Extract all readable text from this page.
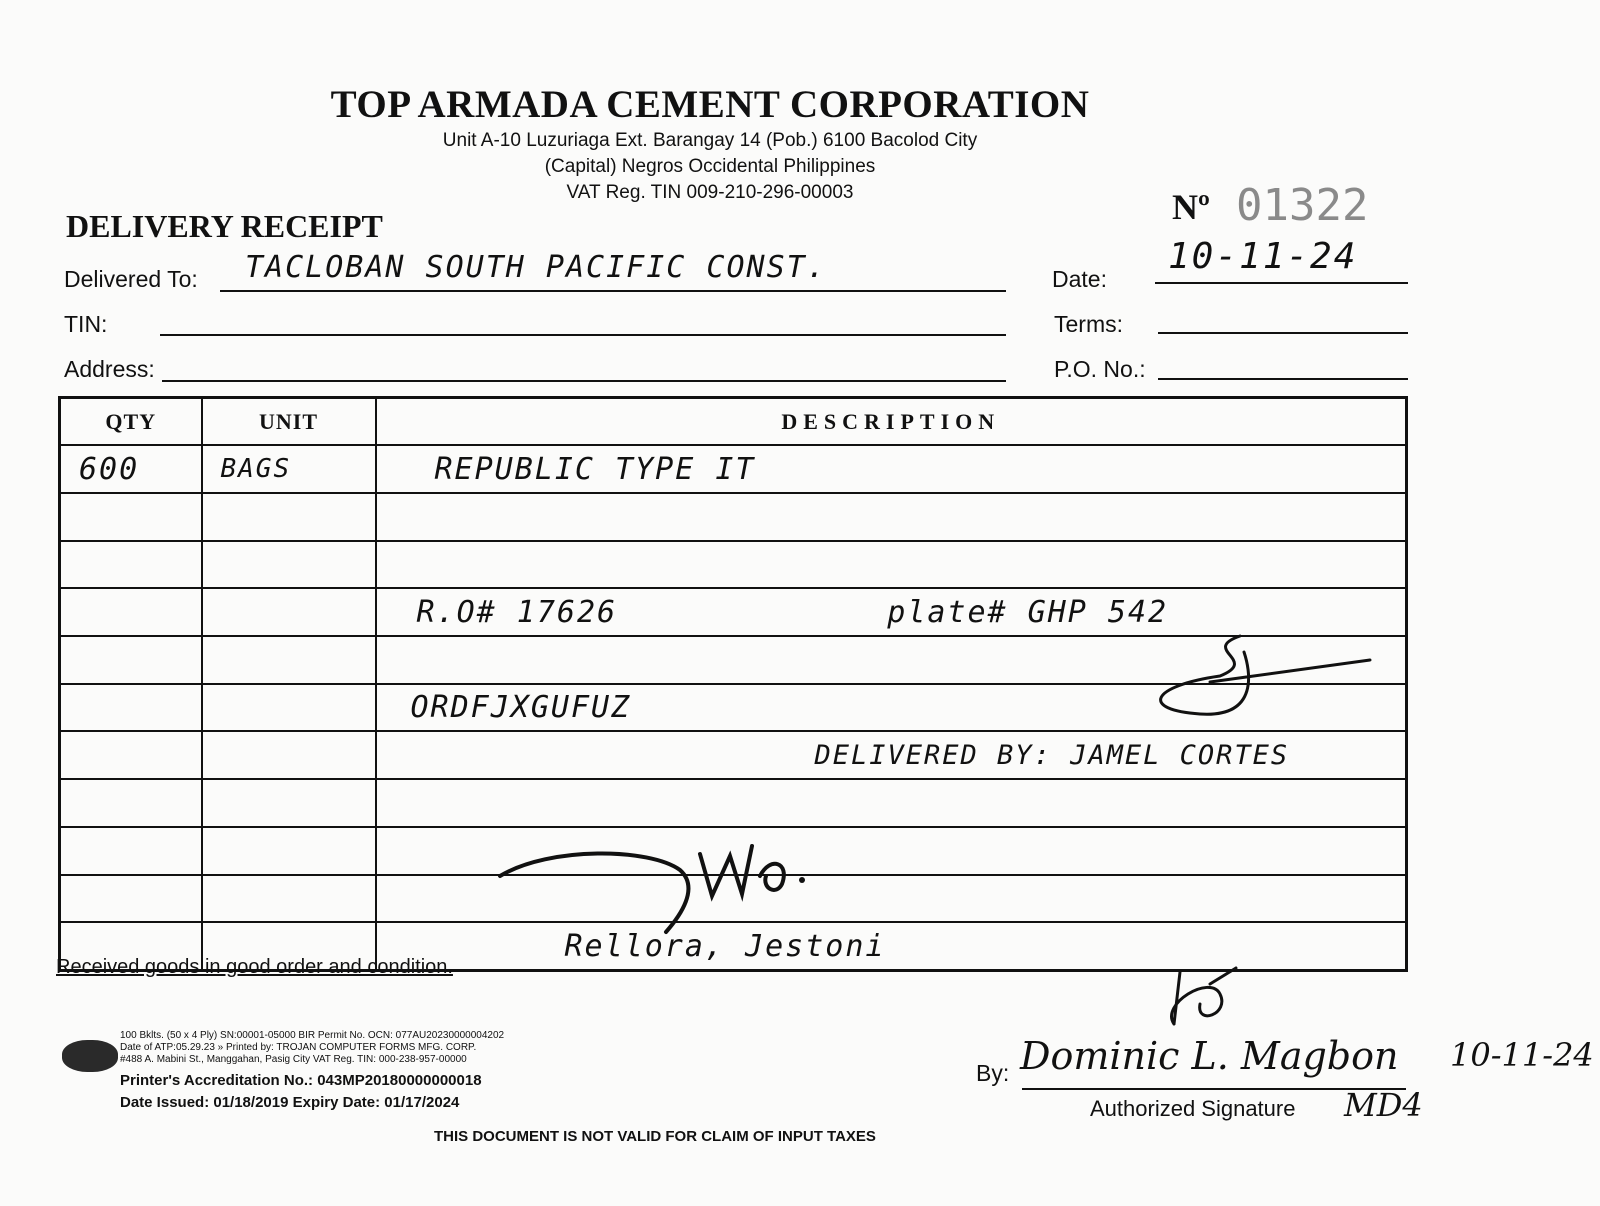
TOP ARMADA CEMENT CORPORATION
Unit A-10 Luzuriaga Ext. Barangay 14 (Pob.) 6100 Bacolod City
(Capital) Negros Occidental Philippines
VAT Reg. TIN 009-210-296-00003
DELIVERY RECEIPT	Nº 01322
Delivered To: TACLOBAN SOUTH PACIFIC CONST.
TIN:
Address:
Date:
10-11-24
Terms:
P.O. No.:
QTY	UNIT	DESCRIPTION
600	BAGS	REPUBLIC TYPE IT

		R.O# 17626 plate# GHP 542

		ORDFJXGUFUZ
		DELIVERED BY: JAMEL CORTES

		Rellora, Jestoni
Received goods in good order and condition.
100 Bklts. (50 x 4 Ply) SN:00001-05000 BIR Permit No. OCN: 077AU20230000004202
Date of ATP:05.29.23 » Printed by: TROJAN COMPUTER FORMS MFG. CORP.
#488 A. Mabini St., Manggahan, Pasig City VAT Reg. TIN: 000-238-957-00000
Printer's Accreditation No.: 043MP20180000000018
Date Issued: 01/18/2019 Expiry Date: 01/17/2024
THIS DOCUMENT IS NOT VALID FOR CLAIM OF INPUT TAXES
By: Dominic L. Magbon 10-11-24
Authorized Signature MD4
